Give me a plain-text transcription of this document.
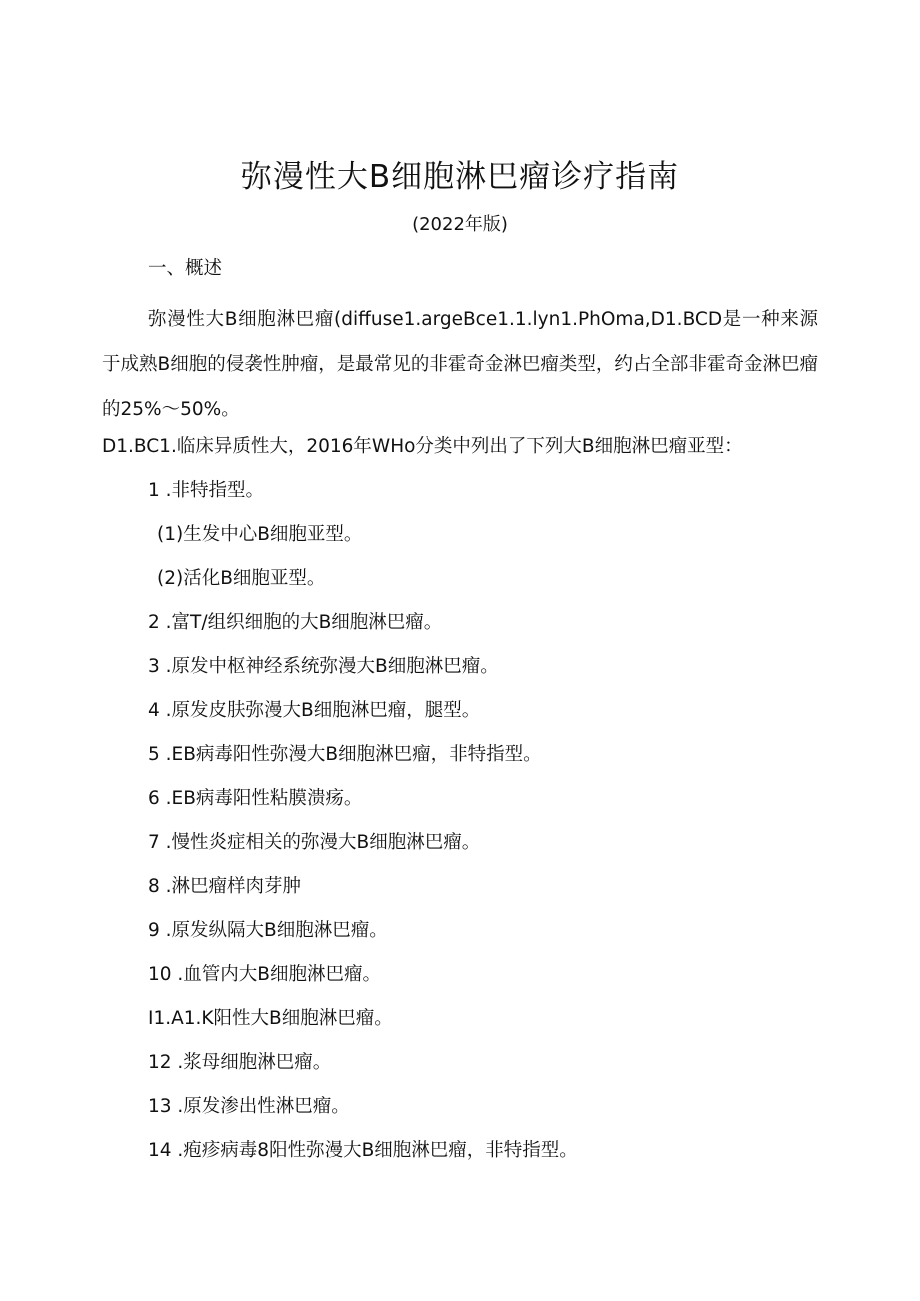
弥漫性大B细胞淋巴瘤诊疗指南
(2022年版)
一、概述
弥漫性大B细胞淋巴瘤(diffuse1.argeBce1.1.lyn1.PhOma,D1.BCD是一种来源于成熟B细胞的侵袭性肿瘤，是最常见的非霍奇金淋巴瘤类型，约占全部非霍奇金淋巴瘤的25%～50%。
D1.BC1.临床异质性大，2016年WHo分类中列出了下列大B细胞淋巴瘤亚型：
1 .非特指型。
(1)生发中心B细胞亚型。
(2)活化B细胞亚型。
2 .富T/组织细胞的大B细胞淋巴瘤。
3 .原发中枢神经系统弥漫大B细胞淋巴瘤。
4 .原发皮肤弥漫大B细胞淋巴瘤，腿型。
5 .EB病毒阳性弥漫大B细胞淋巴瘤，非特指型。
6 .EB病毒阳性粘膜溃疡。
7 .慢性炎症相关的弥漫大B细胞淋巴瘤。
8 .淋巴瘤样肉芽肿
9 .原发纵隔大B细胞淋巴瘤。
10 .血管内大B细胞淋巴瘤。
I1.A1.K阳性大B细胞淋巴瘤。
12 .浆母细胞淋巴瘤。
13 .原发渗出性淋巴瘤。
14 .疱疹病毒8阳性弥漫大B细胞淋巴瘤，非特指型。
